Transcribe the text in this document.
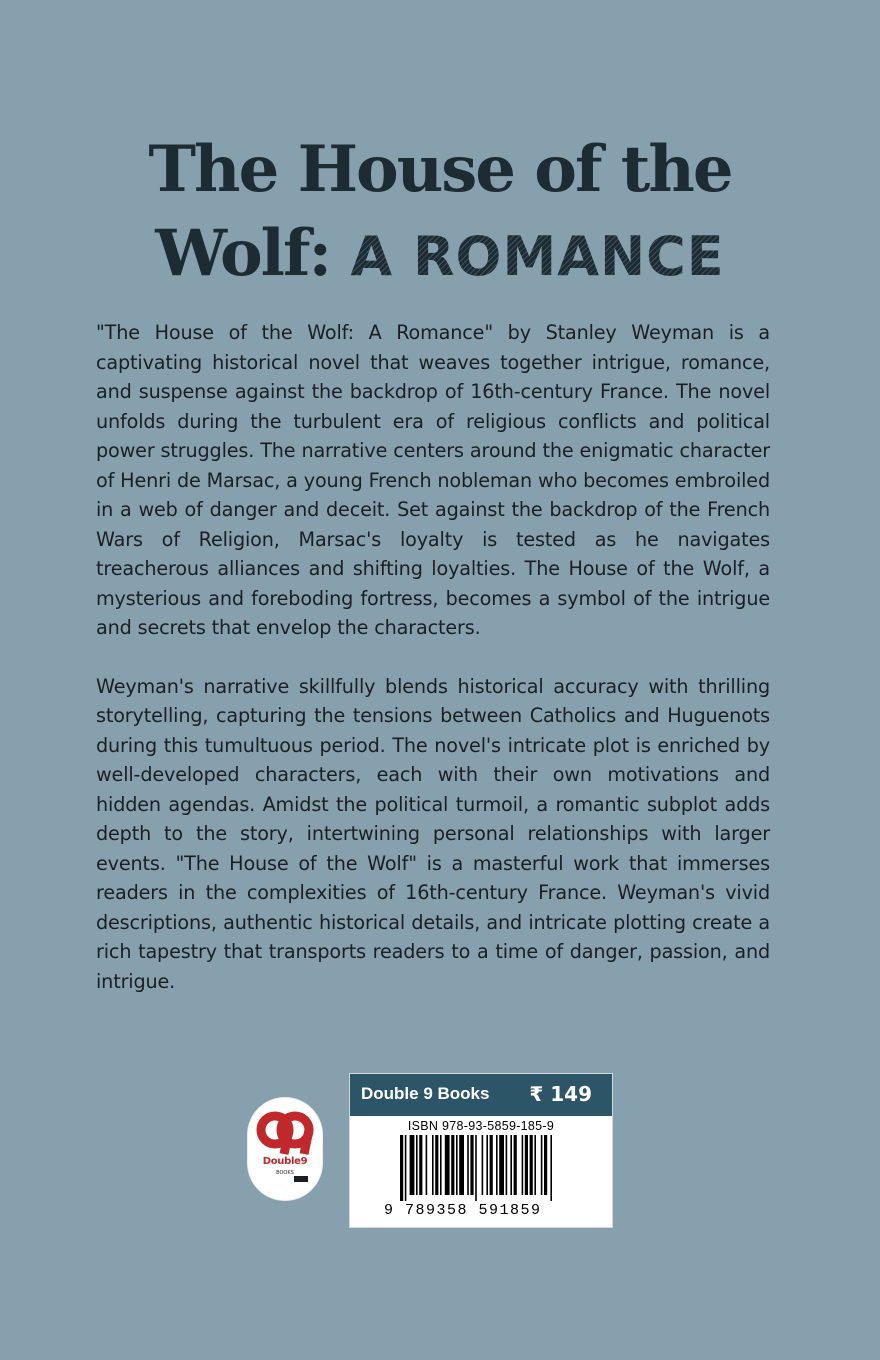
The House of the
Wolf: A ROMANCE

"The House of the Wolf: A Romance" by Stanley Weyman is a captivating historical novel that weaves together intrigue, romance, and suspense against the backdrop of 16th-century France. The novel unfolds during the turbulent era of religious conflicts and political power struggles. The narrative centers around the enigmatic character of Henri de Marsac, a young French nobleman who becomes embroiled in a web of danger and deceit. Set against the backdrop of the French Wars of Religion, Marsac's loyalty is tested as he navigates treacherous alliances and shifting loyalties. The House of the Wolf, a mysterious and foreboding fortress, becomes a symbol of the intrigue and secrets that envelop the characters.

Weyman's narrative skillfully blends historical accuracy with thrilling storytelling, capturing the tensions between Catholics and Huguenots during this tumultuous period. The novel's intricate plot is enriched by well-developed characters, each with their own motivations and hidden agendas. Amidst the political turmoil, a romantic subplot adds depth to the story, intertwining personal relationships with larger events. "The House of the Wolf" is a masterful work that immerses readers in the complexities of 16th-century France. Weyman's vivid descriptions, authentic historical details, and intricate plotting create a rich tapestry that transports readers to a time of danger, passion, and intrigue.

Double9
BOOKS
Double 9 Books ₹ 149
ISBN 978-93-5859-185-9
9 789358 591859
